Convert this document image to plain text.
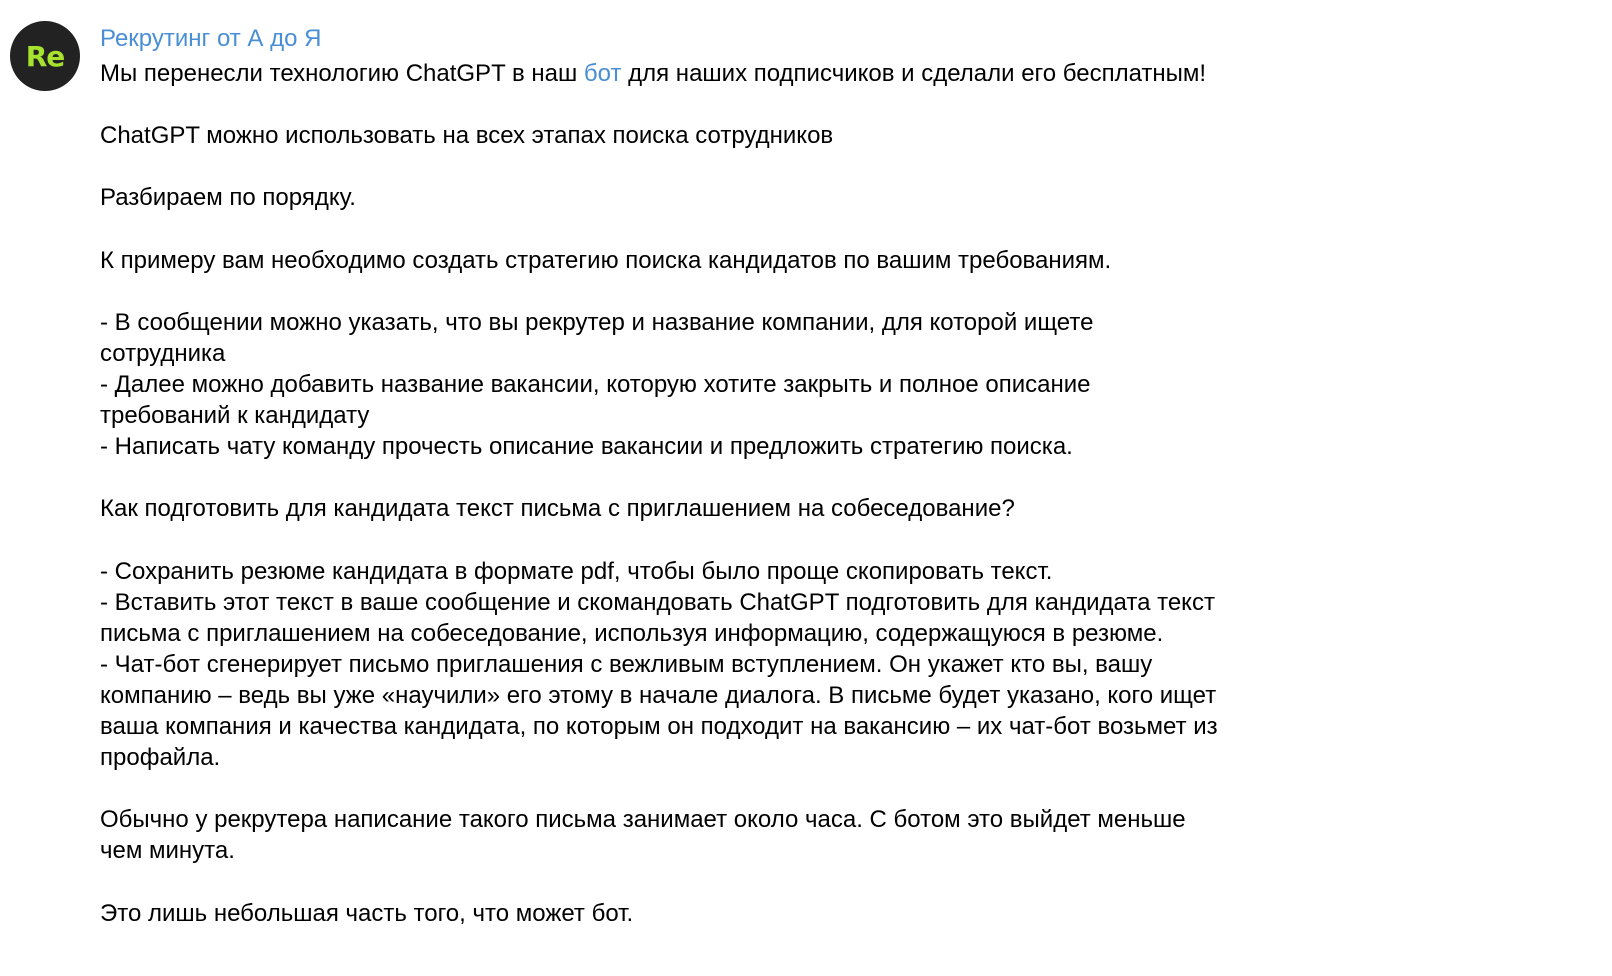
Re
Рекрутинг от А до Я
Мы перенесли технологию ChatGPT в наш бот для наших подписчиков и сделали его бесплатным!
ChatGPT можно использовать на всех этапах поиска сотрудников
Разбираем по порядку.
К примеру вам необходимо создать стратегию поиска кандидатов по вашим требованиям.
- В сообщении можно указать, что вы рекрутер и название компании, для которой ищете
сотрудника
- Далее можно добавить название вакансии, которую хотите закрыть и полное описание
требований к кандидату
- Написать чату команду прочесть описание вакансии и предложить стратегию поиска.
Как подготовить для кандидата текст письма с приглашением на собеседование?
- Сохранить резюме кандидата в формате pdf, чтобы было проще скопировать текст.
- Вставить этот текст в ваше сообщение и скомандовать ChatGPT подготовить для кандидата текст
письма с приглашением на собеседование, используя информацию, содержащуюся в резюме.
- Чат-бот сгенерирует письмо приглашения с вежливым вступлением. Он укажет кто вы, вашу
компанию – ведь вы уже «научили» его этому в начале диалога. В письме будет указано, кого ищет
ваша компания и качества кандидата, по которым он подходит на вакансию – их чат-бот возьмет из
профайла.
Обычно у рекрутера написание такого письма занимает около часа. С ботом это выйдет меньше
чем минута.
Это лишь небольшая часть того, что может бот.
